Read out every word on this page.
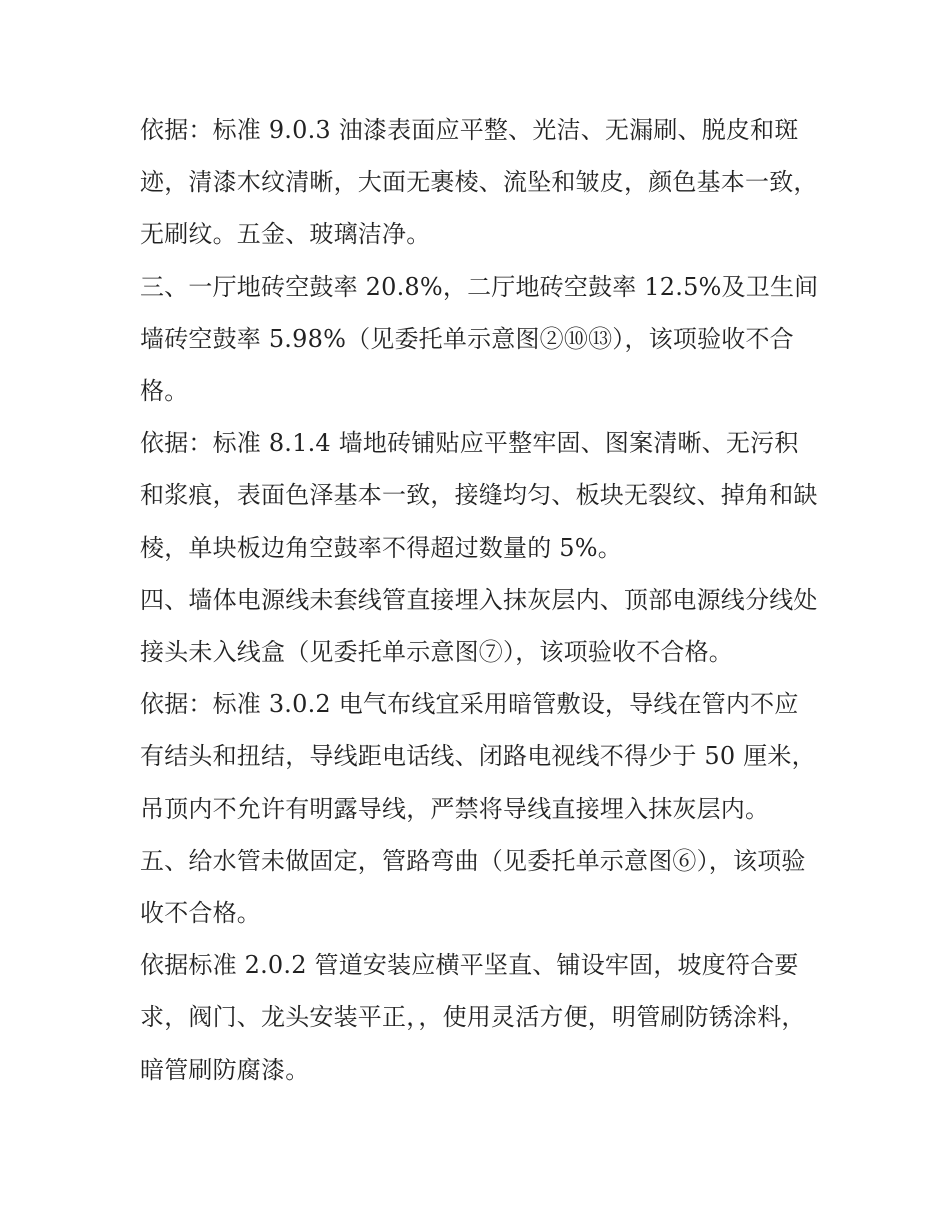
依据：标准 9.0.3 油漆表面应平整、光洁、无漏刷、脱皮和斑迹，清漆木纹清晰，大面无裹棱、流坠和皱皮，颜色基本一致，无刷纹。五金、玻璃洁净。

三、一厅地砖空鼓率 20.8%，二厅地砖空鼓率 12.5%及卫生间墙砖空鼓率 5.98%（见委托单示意图②⑩⑬），该项验收不合格。

依据：标准 8.1.4 墙地砖铺贴应平整牢固、图案清晰、无污积和浆痕，表面色泽基本一致，接缝均匀、板块无裂纹、掉角和缺棱，单块板边角空鼓率不得超过数量的 5%。

四、墙体电源线未套线管直接埋入抹灰层内、顶部电源线分线处接头未入线盒（见委托单示意图⑦），该项验收不合格。

依据：标准 3.0.2 电气布线宜采用暗管敷设，导线在管内不应有结头和扭结，导线距电话线、闭路电视线不得少于 50 厘米，吊顶内不允许有明露导线，严禁将导线直接埋入抹灰层内。

五、给水管未做固定，管路弯曲（见委托单示意图⑥），该项验收不合格。

依据标准 2.0.2 管道安装应横平坚直、铺设牢固，坡度符合要求，阀门、龙头安装平正，，使用灵活方便，明管刷防锈涂料，暗管刷防腐漆。
